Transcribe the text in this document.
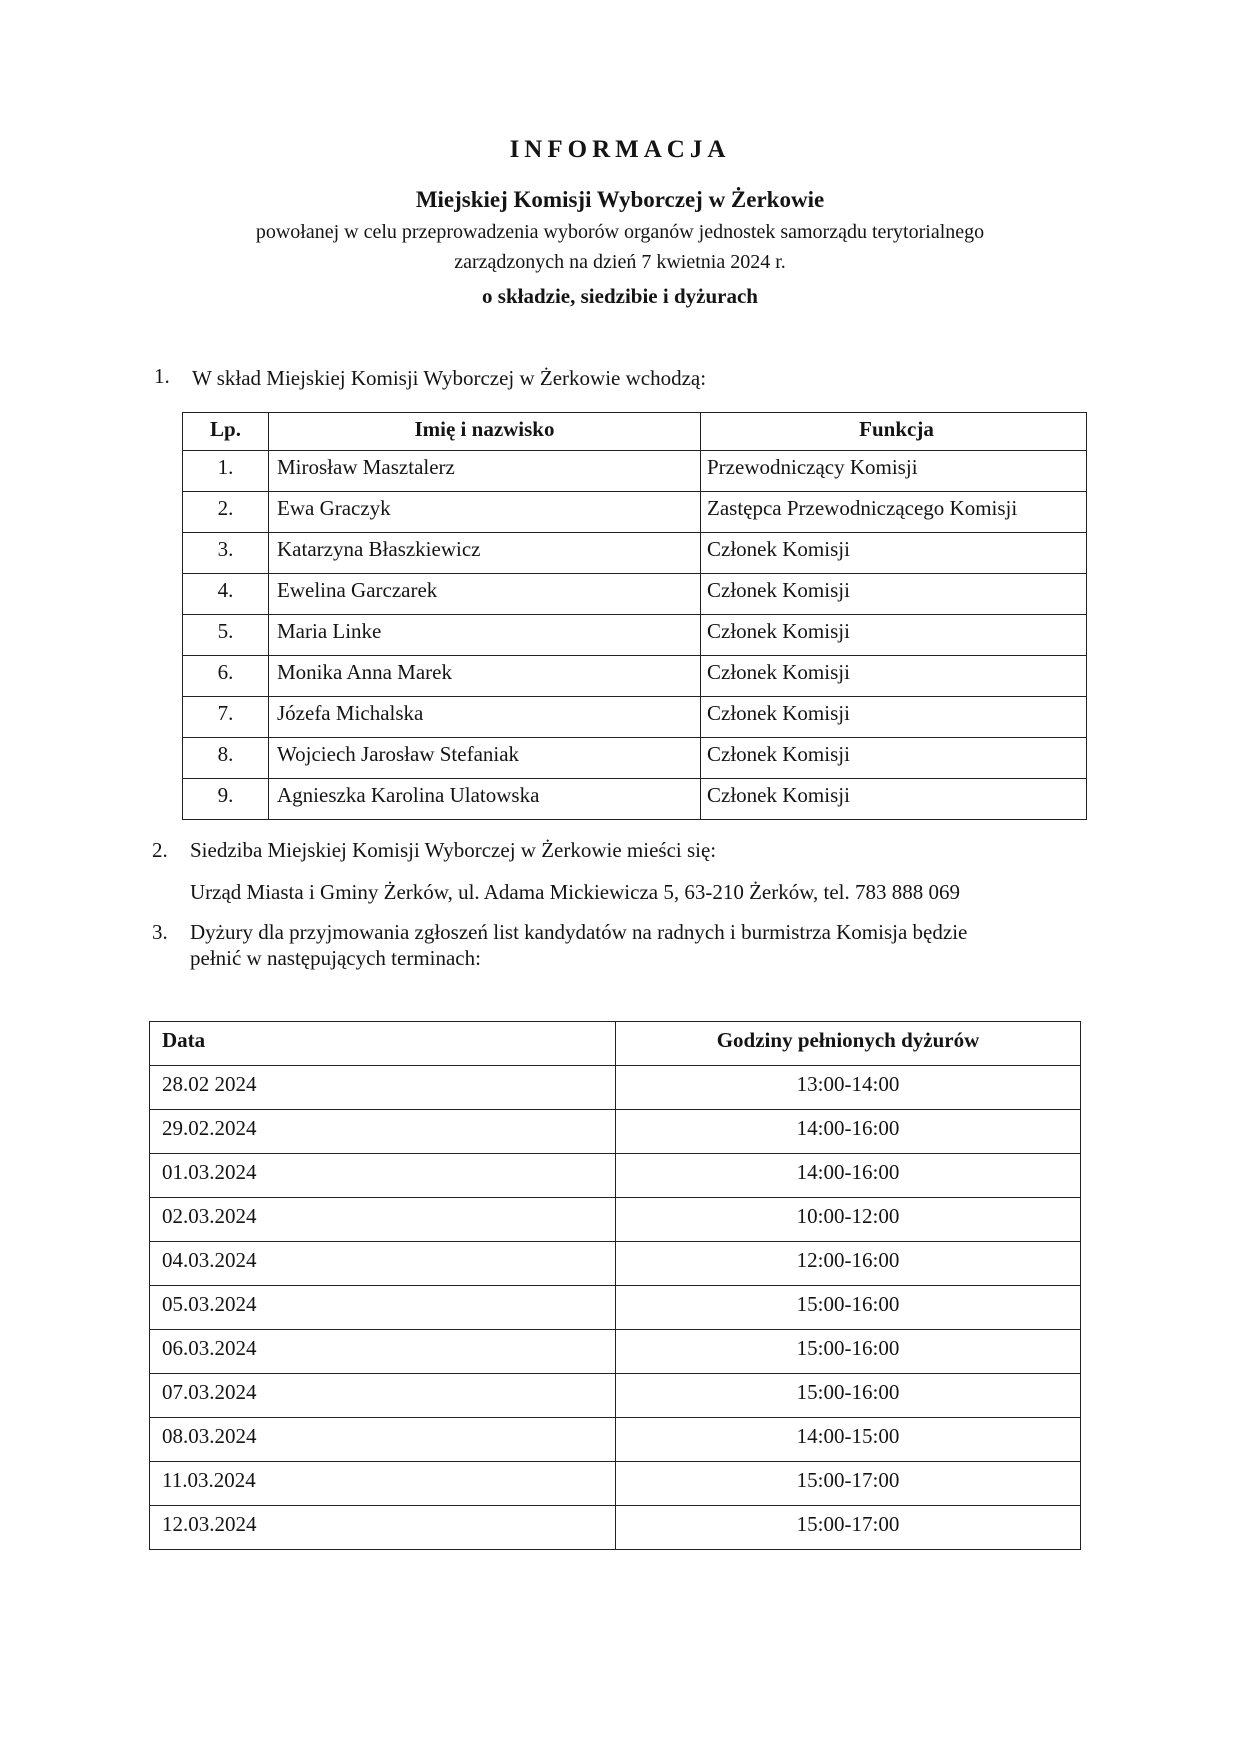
INFORMACJA
Miejskiej Komisji Wyborczej w Żerkowie
powołanej w celu przeprowadzenia wyborów organów jednostek samorządu terytorialnego
zarządzonych na dzień 7 kwietnia 2024 r.
o składzie, siedzibie i dyżurach
1. W skład Miejskiej Komisji Wyborczej w Żerkowie wchodzą:
Lp.	Imię i nazwisko	Funkcja
1.	Mirosław Masztalerz	Przewodniczący Komisji
2.	Ewa Graczyk	Zastępca Przewodniczącego Komisji
3.	Katarzyna Błaszkiewicz	Członek Komisji
4.	Ewelina Garczarek	Członek Komisji
5.	Maria Linke	Członek Komisji
6.	Monika Anna Marek	Członek Komisji
7.	Józefa Michalska	Członek Komisji
8.	Wojciech Jarosław Stefaniak	Członek Komisji
9.	Agnieszka Karolina Ulatowska	Członek Komisji
2. Siedziba Miejskiej Komisji Wyborczej w Żerkowie mieści się:
Urząd Miasta i Gminy Żerków, ul. Adama Mickiewicza 5, 63-210 Żerków, tel. 783 888 069
3. Dyżury dla przyjmowania zgłoszeń list kandydatów na radnych i burmistrza Komisja będzie
pełnić w następujących terminach:
Data	Godziny pełnionych dyżurów
28.02 2024	13:00-14:00
29.02.2024	14:00-16:00
01.03.2024	14:00-16:00
02.03.2024	10:00-12:00
04.03.2024	12:00-16:00
05.03.2024	15:00-16:00
06.03.2024	15:00-16:00
07.03.2024	15:00-16:00
08.03.2024	14:00-15:00
11.03.2024	15:00-17:00
12.03.2024	15:00-17:00
